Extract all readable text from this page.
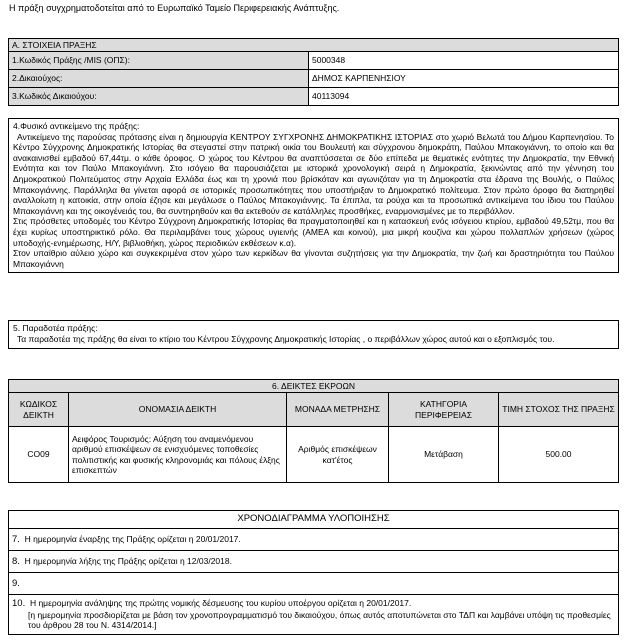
Η πράξη συγχρηματοδοτείται από το Ευρωπαϊκό Ταμείο Περιφερειακής Ανάπτυξης.
Α. ΣΤΟΙΧΕΙΑ ΠΡΑΞΗΣ	
1.Κωδικός Πράξης /MIS (ΟΠΣ):	5000348
2.Δικαιούχος:	ΔΗΜΟΣ ΚΑΡΠΕΝΗΣΙΟΥ
3.Κωδικός Δικαιούχου:	40113094
4.Φυσικό αντικείμενο της πράξης:
Αντικείμενο της παρούσας πρότασης είναι η δημιουργία ΚΕΝΤΡΟΥ ΣΥΓΧΡΟΝΗΣ ΔΗΜΟΚΡΑΤΙΚΗΣ ΙΣΤΟΡΙΑΣ στο χωριό Βελωτά του Δήμου Καρπενησίου. Το Κέντρο Σύγχρονης Δημοκρατικής Ιστορίας θα στεγαστεί στην πατρική οικία του Βουλευτή και σύγχρονου δημοκράτη, Παύλου Μπακογιάννη, το οποίο και θα ανακαινισθεί εμβαδού 67,44τμ. ο κάθε όροφος. Ο χώρος του Κέντρου θα αναπτύσσεται σε δύο επίπεδα με θεματικές ενότητες την Δημοκρατία, την Εθνική Ενότητα και τον Παύλο Μπακογιάννη. Στο ισόγειο θα παρουσιάζεται με ιστορικά χρονολογική σειρά η Δημοκρατία, ξεκινώντας από την γέννηση του Δημοκρατικού Πολιτεύματος στην Αρχαία Ελλάδα έως και τη χρονιά που βρίσκόταν και αγωνιζόταν για τη Δημοκρατία στα έδρανα της Βουλής, ο Παύλος Μπακογιάννης. Παράλληλα θα γίνεται αφορά σε ιστορικές προσωπικότητες που υποστήριξαν το Δημοκρατικό πολίτευμα. Στον πρώτο όροφο θα διατηρηθεί αναλλοίωτη η κατοικία, στην οποία έζησε και μεγάλωσε ο Παύλος Μπακογιάννης. Τα έπιπλα, τα ρούχα και τα προσωπικά αντικείμενα του ίδιου του Παύλου Μπακογιάννη και της οικογένειάς του, θα συντηρηθούν και θα εκτεθούν σε κατάλληλες προσθήκες, εναρμονισμένες με το περιβάλλον.
Στις πρόσθετες υποδομές του Κέντρο Σύγχρονη Δημοκρατικής Ιστορίας θα πραγματοποιηθεί και η κατασκευή ενός ισόγειου κτιρίου, εμβαδού 49,52τμ, που θα έχει κυρίως υποστηρικτικό ρόλο. Θα περιλαμβάνει τους χώρους υγιεινής (ΑΜΕΑ και κοινού), μια μικρή κουζίνα και χώρου πολλαπλών χρήσεων (χώρος υποδοχής-ενημέρωσης, Η/Υ, βιβλιοθήκη, χώρος περιοδικών εκθέσεων κ.α).
Στον υπαίθριο αύλειο χώρο και συγκεκριμένα στον χώρο των κερκίδων θα γίνονται συζητήσεις για την Δημοκρατία, την ζωή και δραστηριότητα του Παύλου Μπακογιάννη
5. Παραδοτέα πράξης:
Τα παραδοτέα της πράξης θα είναι το κτίριο του Κέντρου Σύγχρονης Δημοκρατικής Ιστορίας , ο περιβάλλων χώρος αυτού και ο εξοπλισμός του.
6. ΔΕΙΚΤΕΣ ΕΚΡΟΩΝ				
ΚΩΔΙΚΟΣ ΔΕΙΚΤΗ	ΟΝΟΜΑΣΙΑ ΔΕΙΚΤΗ	ΜΟΝΑΔΑ ΜΕΤΡΗΣΗΣ	ΚΑΤΗΓΟΡΙΑ ΠΕΡΙΦΕΡΕΙΑΣ	ΤΙΜΗ ΣΤΟΧΟΣ ΤΗΣ ΠΡΑΞΗΣ
CO09	Αειφόρος Τουρισμός: Αύξηση του αναμενόμενου αριθμού επισκέψεων σε ενισχυόμενες τοποθεσίες πολιτιστικής και φυσικής κληρονομιάς και πόλους έλξης επισκεπτών	Αριθμός επισκέψεων κατ'έτος	Μετάβαση	500.00
ΧΡΟΝΟΔΙΑΓΡΑΜΜΑ ΥΛΟΠΟΙΗΣΗΣ
7. Η ημερομηνία έναρξης της Πράξης ορίζεται η 20/01/2017.
8. Η ημερομηνία λήξης της Πράξης ορίζεται η 12/03/2018.
9.

10. Η ημερομηνία ανάληψης της πρώτης νομικής δέσμευσης του κυρίου υποέργου ορίζεται η 20/01/2017.
[η ημερομηνία προσδιορίζεται με βάση τον χρονοπρογραμματισμό του δικαιούχου, όπως αυτός αποτυπώνεται στο ΤΔΠ και λαμβάνει υπόψη τις προθεσμίες του άρθρου 28 του Ν. 4314/2014.]
